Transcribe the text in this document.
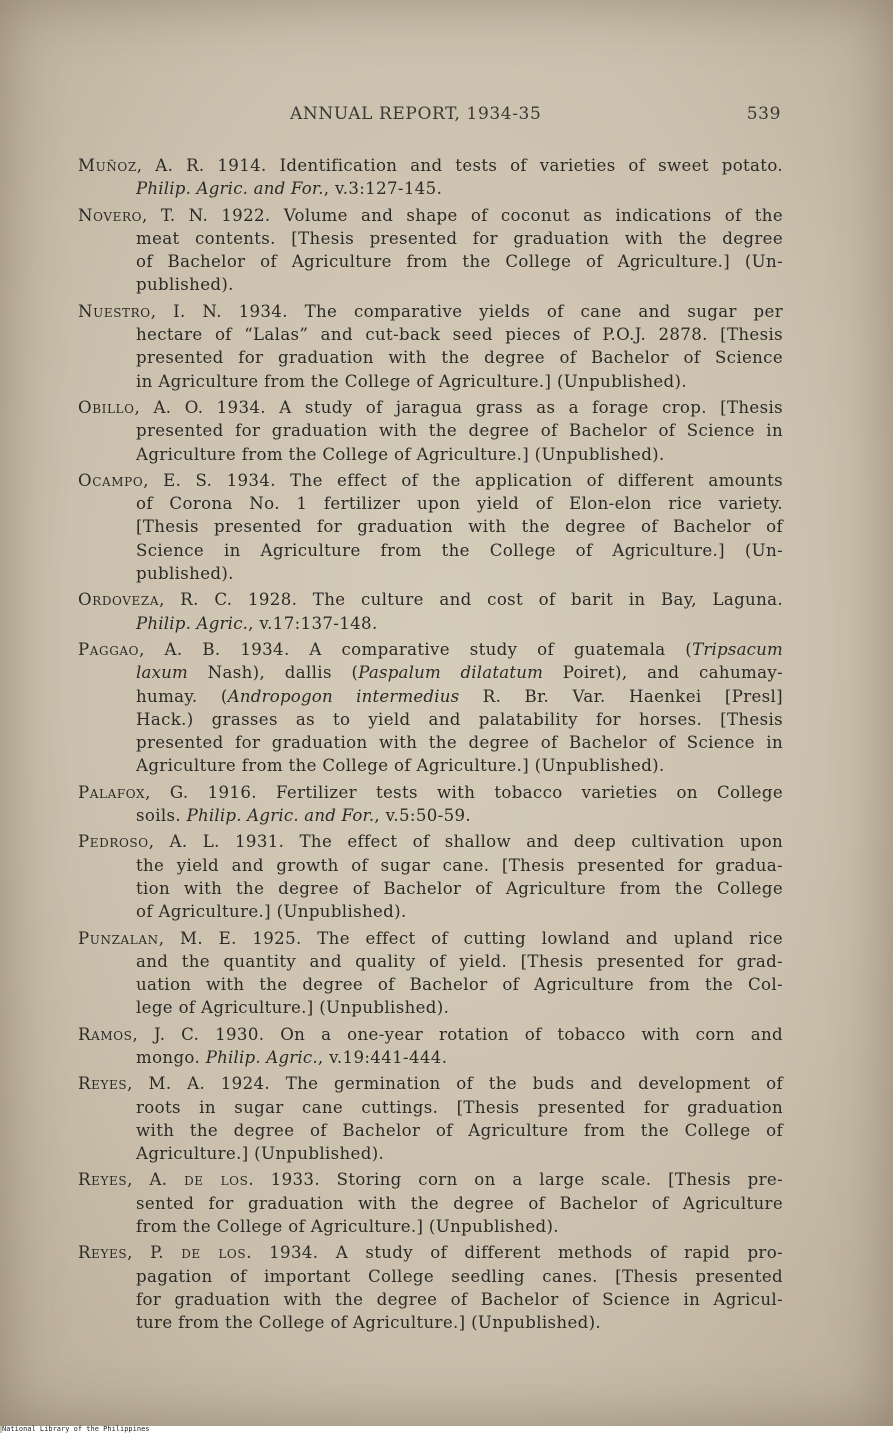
ANNUAL REPORT, 1934-35	539
Muñoz, A. R. 1914. Identification and tests of varieties of sweet potato.
Philip. Agric. and For., v.3:127-145.
Novero, T. N. 1922. Volume and shape of coconut as indications of the
meat contents. [Thesis presented for graduation with the degree
of Bachelor of Agriculture from the College of Agriculture.] (Un-
published).
Nuestro, I. N. 1934. The comparative yields of cane and sugar per
hectare of “Lalas” and cut-back seed pieces of P.O.J. 2878. [Thesis
presented for graduation with the degree of Bachelor of Science
in Agriculture from the College of Agriculture.] (Unpublished).
Obillo, A. O. 1934. A study of jaragua grass as a forage crop. [Thesis
presented for graduation with the degree of Bachelor of Science in
Agriculture from the College of Agriculture.] (Unpublished).
Ocampo, E. S. 1934. The effect of the application of different amounts
of Corona No. 1 fertilizer upon yield of Elon-elon rice variety.
[Thesis presented for graduation with the degree of Bachelor of
Science in Agriculture from the College of Agriculture.] (Un-
published).
Ordoveza, R. C. 1928. The culture and cost of barit in Bay, Laguna.
Philip. Agric., v.17:137-148.
Paggao, A. B. 1934. A comparative study of guatemala (Tripsacum
laxum Nash), dallis (Paspalum dilatatum Poiret), and cahumay-
humay. (Andropogon intermedius R. Br. Var. Haenkei [Presl]
Hack.) grasses as to yield and palatability for horses. [Thesis
presented for graduation with the degree of Bachelor of Science in
Agriculture from the College of Agriculture.] (Unpublished).
Palafox, G. 1916. Fertilizer tests with tobacco varieties on College
soils. Philip. Agric. and For., v.5:50-59.
Pedroso, A. L. 1931. The effect of shallow and deep cultivation upon
the yield and growth of sugar cane. [Thesis presented for gradua-
tion with the degree of Bachelor of Agriculture from the College
of Agriculture.] (Unpublished).
Punzalan, M. E. 1925. The effect of cutting lowland and upland rice
and the quantity and quality of yield. [Thesis presented for grad-
uation with the degree of Bachelor of Agriculture from the Col-
lege of Agriculture.] (Unpublished).
Ramos, J. C. 1930. On a one-year rotation of tobacco with corn and
mongo. Philip. Agric., v.19:441-444.
Reyes, M. A. 1924. The germination of the buds and development of
roots in sugar cane cuttings. [Thesis presented for graduation
with the degree of Bachelor of Agriculture from the College of
Agriculture.] (Unpublished).
Reyes, A. de los. 1933. Storing corn on a large scale. [Thesis pre-
sented for graduation with the degree of Bachelor of Agriculture
from the College of Agriculture.] (Unpublished).
Reyes, P. de los. 1934. A study of different methods of rapid pro-
pagation of important College seedling canes. [Thesis presented
for graduation with the degree of Bachelor of Science in Agricul-
ture from the College of Agriculture.] (Unpublished).
National Library of the Philippines
